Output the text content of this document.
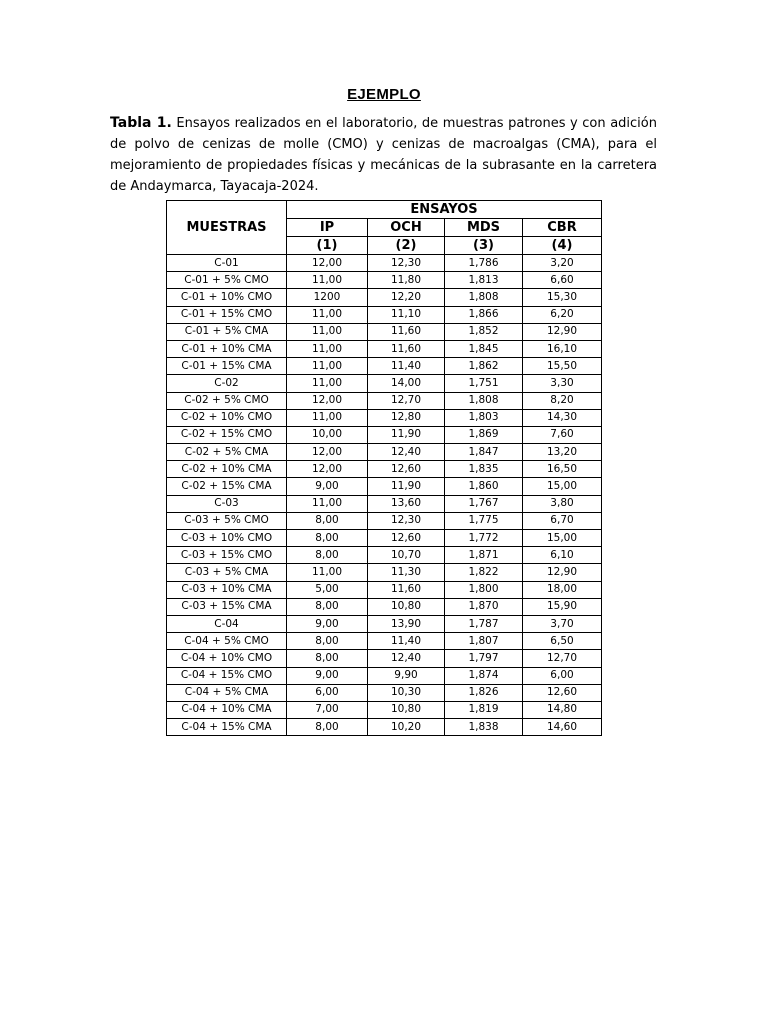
EJEMPLO

Tabla 1. Ensayos realizados en el laboratorio, de muestras patrones y con adición de polvo de cenizas de molle (CMO) y cenizas de macroalgas (CMA), para el mejoramiento de propiedades físicas y mecánicas de la subrasante en la carretera de Andaymarca, Tayacaja-2024.

MUESTRAS	ENSAYOS			
	IP	OCH	MDS	CBR
	(1)	(2)	(3)	(4)
C-01	12,00	12,30	1,786	3,20
C-01 + 5% CMO	11,00	11,80	1,813	6,60
C-01 + 10% CMO	1200	12,20	1,808	15,30
C-01 + 15% CMO	11,00	11,10	1,866	6,20
C-01 + 5% CMA	11,00	11,60	1,852	12,90
C-01 + 10% CMA	11,00	11,60	1,845	16,10
C-01 + 15% CMA	11,00	11,40	1,862	15,50
C-02	11,00	14,00	1,751	3,30
C-02 + 5% CMO	12,00	12,70	1,808	8,20
C-02 + 10% CMO	11,00	12,80	1,803	14,30
C-02 + 15% CMO	10,00	11,90	1,869	7,60
C-02 + 5% CMA	12,00	12,40	1,847	13,20
C-02 + 10% CMA	12,00	12,60	1,835	16,50
C-02 + 15% CMA	9,00	11,90	1,860	15,00
C-03	11,00	13,60	1,767	3,80
C-03 + 5% CMO	8,00	12,30	1,775	6,70
C-03 + 10% CMO	8,00	12,60	1,772	15,00
C-03 + 15% CMO	8,00	10,70	1,871	6,10
C-03 + 5% CMA	11,00	11,30	1,822	12,90
C-03 + 10% CMA	5,00	11,60	1,800	18,00
C-03 + 15% CMA	8,00	10,80	1,870	15,90
C-04	9,00	13,90	1,787	3,70
C-04 + 5% CMO	8,00	11,40	1,807	6,50
C-04 + 10% CMO	8,00	12,40	1,797	12,70
C-04 + 15% CMO	9,00	9,90	1,874	6,00
C-04 + 5% CMA	6,00	10,30	1,826	12,60
C-04 + 10% CMA	7,00	10,80	1,819	14,80
C-04 + 15% CMA	8,00	10,20	1,838	14,60
